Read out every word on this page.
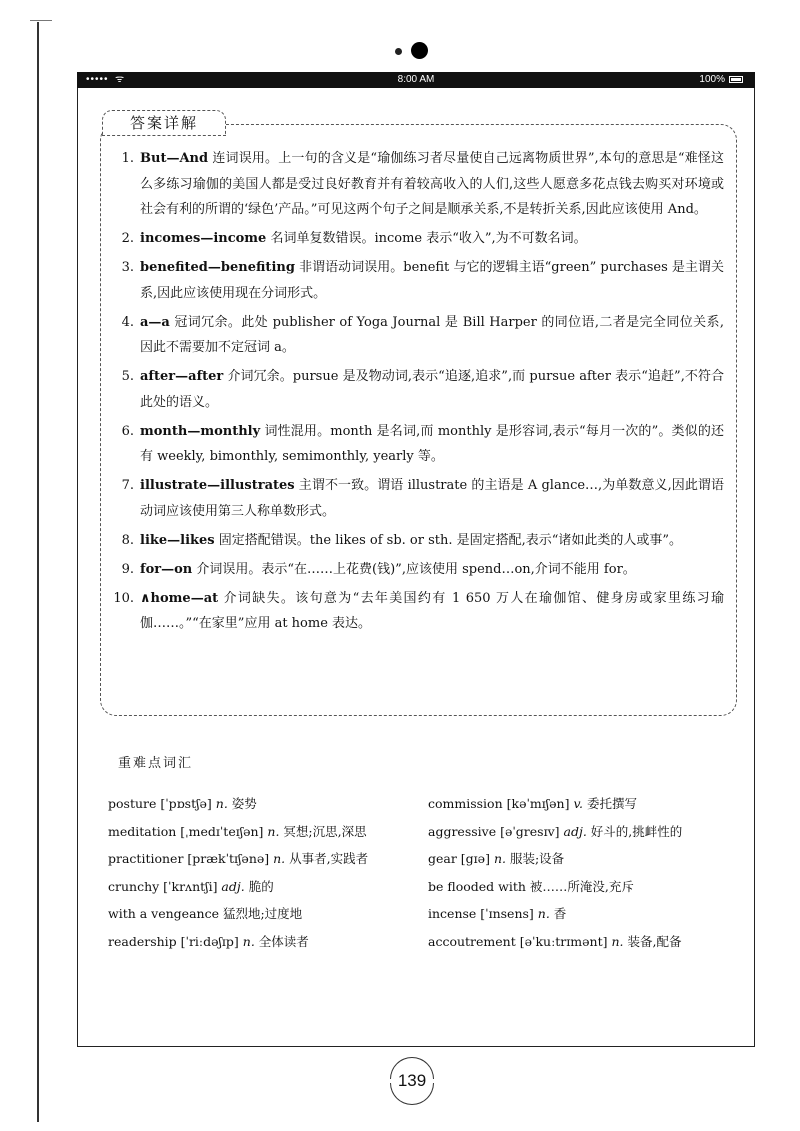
••••• ᯤ	8:00 AM	100%
答案详解
1. But—And 连词误用。上一句的含义是“瑜伽练习者尽量使自己远离物质世界”,本句的意思是“难怪这么多练习瑜伽的美国人都是受过良好教育并有着较高收入的人们,这些人愿意多花点钱去购买对环境或社会有利的所谓的‘绿色’产品。”可见这两个句子之间是顺承关系,不是转折关系,因此应该使用 And。
2. incomes—income 名词单复数错误。income 表示“收入”,为不可数名词。
3. benefited—benefiting 非谓语动词误用。benefit 与它的逻辑主语“green” purchases 是主谓关系,因此应该使用现在分词形式。
4. a—a 冠词冗余。此处 publisher of Yoga Journal 是 Bill Harper 的同位语,二者是完全同位关系,因此不需要加不定冠词 a。
5. after—after 介词冗余。pursue 是及物动词,表示“追逐,追求”,而 pursue after 表示“追赶”,不符合此处的语义。
6. month—monthly 词性混用。month 是名词,而 monthly 是形容词,表示“每月一次的”。类似的还有 weekly, bimonthly, semimonthly, yearly 等。
7. illustrate—illustrates 主谓不一致。谓语 illustrate 的主语是 A glance…,为单数意义,因此谓语动词应该使用第三人称单数形式。
8. like—likes 固定搭配错误。the likes of sb. or sth. 是固定搭配,表示“诸如此类的人或事”。
9. for—on 介词误用。表示“在……上花费(钱)”,应该使用 spend…on,介词不能用 for。
10. ∧home—at 介词缺失。该句意为“去年美国约有 1 650 万人在瑜伽馆、健身房或家里练习瑜伽……。”“在家里”应用 at home 表达。
重难点词汇
posture [ˈpɒstʃə] n. 姿势
meditation [ˌmedɪˈteɪʃən] n. 冥想;沉思,深思
practitioner [prækˈtɪʃənə] n. 从事者,实践者
crunchy [ˈkrʌntʃi] adj. 脆的
with a vengeance 猛烈地;过度地
readership [ˈriːdəʃɪp] n. 全体读者
commission [kəˈmɪʃən] v. 委托撰写
aggressive [əˈgresɪv] adj. 好斗的,挑衅性的
gear [gɪə] n. 服装;设备
be flooded with 被……所淹没,充斥
incense [ˈɪnsens] n. 香
accoutrement [əˈkuːtrɪmənt] n. 装备,配备
139
